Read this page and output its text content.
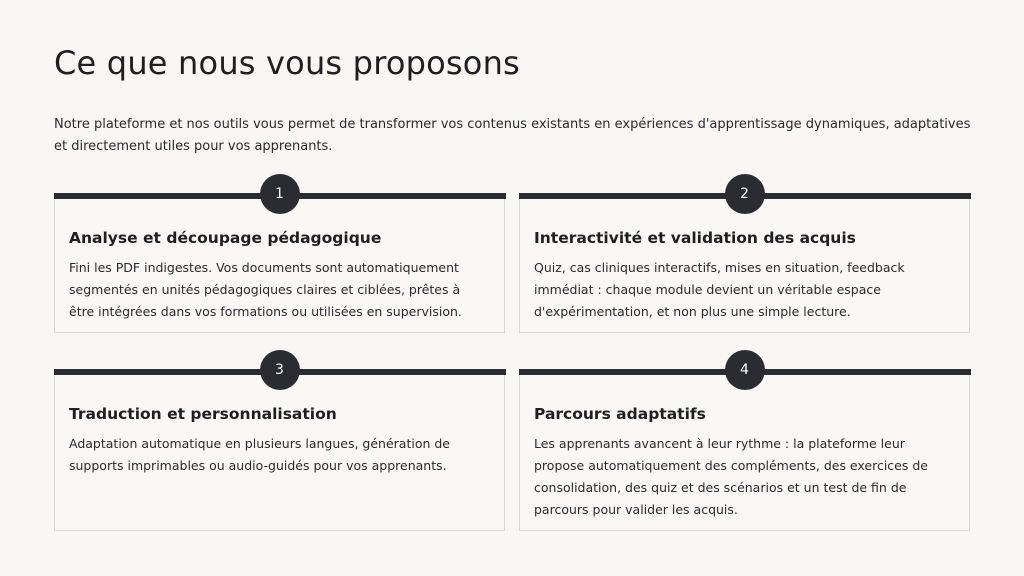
Ce que nous vous proposons

Notre plateforme et nos outils vous permet de transformer vos contenus existants en expériences d'apprentissage dynamiques, adaptatives et directement utiles pour vos apprenants.

1
Analyse et découpage pédagogique

Fini les PDF indigestes. Vos documents sont automatiquement segmentés en unités pédagogiques claires et ciblées, prêtes à être intégrées dans vos formations ou utilisées en supervision.

2
Interactivité et validation des acquis

Quiz, cas cliniques interactifs, mises en situation, feedback immédiat : chaque module devient un véritable espace d'expérimentation, et non plus une simple lecture.

3
Traduction et personnalisation

Adaptation automatique en plusieurs langues, génération de supports imprimables ou audio-guidés pour vos apprenants.

4
Parcours adaptatifs

Les apprenants avancent à leur rythme : la plateforme leur propose automatiquement des compléments, des exercices de consolidation, des quiz et des scénarios et un test de fin de parcours pour valider les acquis.
